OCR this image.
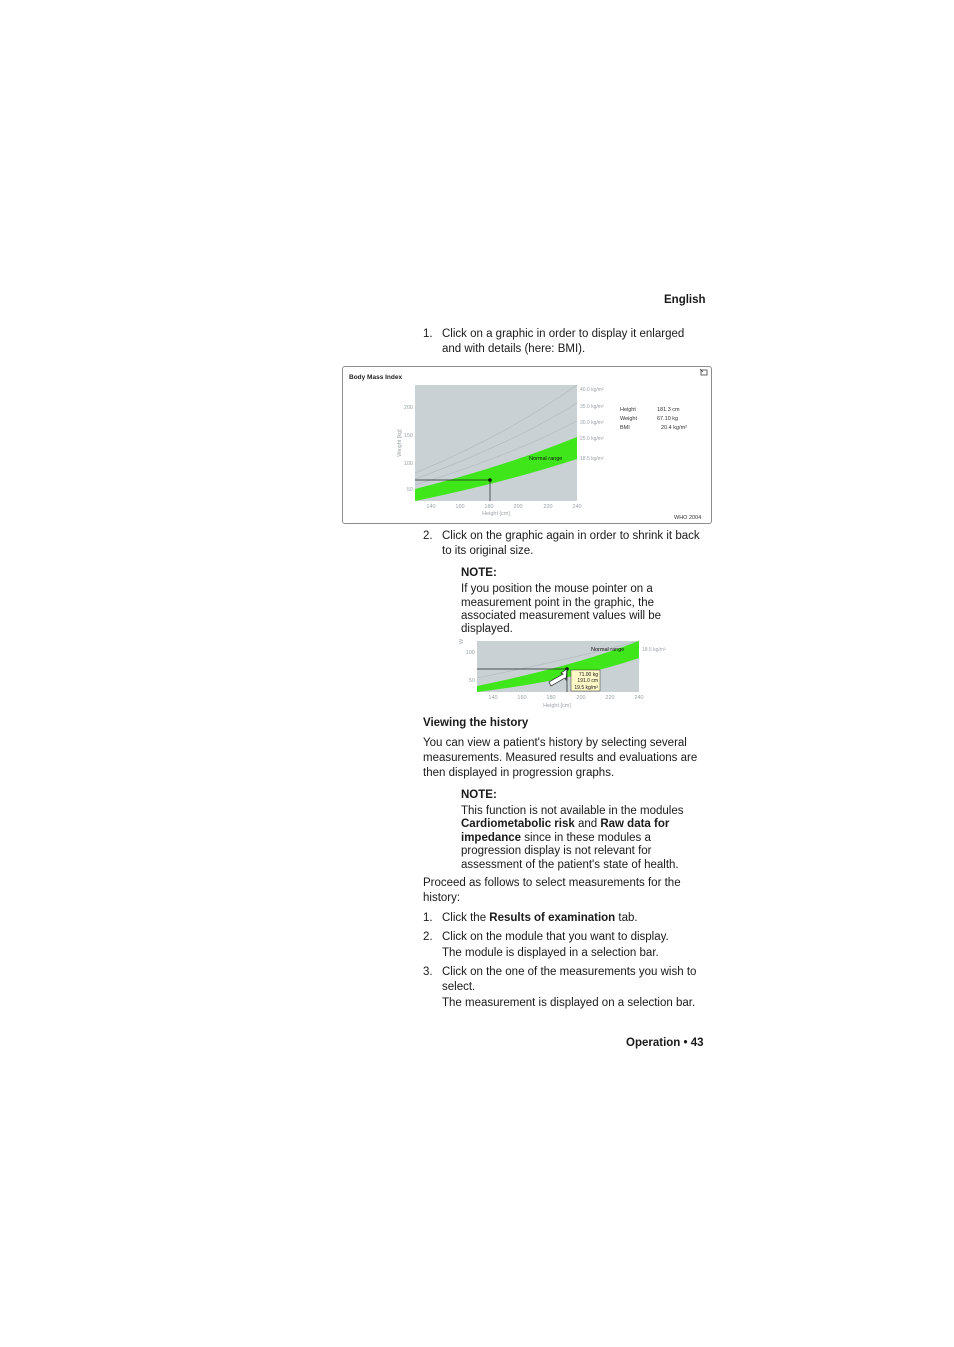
English
1. Click on a graphic in order to display it enlarged
and with details (here: BMI).
Body Mass Index
Normal range
200
150
100
50
Weight [kg]
140	160	180	200	220	240
Height [cm]
40.0 kg/m²
35.0 kg/m²
30.0 kg/m²
25.0 kg/m²
18.5 kg/m²
Height	181.3 cm
Weight	67.10 kg
BMI	20.4 kg/m²
WHO 2004
2. Click on the graphic again in order to shrink it back
to its original size.
NOTE:
If you position the mouse pointer on a
measurement point in the graphic, the
associated measurement values will be
displayed.
Normal range
W
100
50
140	160	180	200	220	240
Height [cm]
18.5 kg/m²
71.00 kg
191.0 cm
19.5 kg/m²
Viewing the history
You can view a patient's history by selecting several
measurements. Measured results and evaluations are
then displayed in progression graphs.
NOTE:
This function is not available in the modules
Cardiometabolic risk and Raw data for
impedance since in these modules a
progression display is not relevant for
assessment of the patient's state of health.
Proceed as follows to select measurements for the
history:
1. Click the Results of examination tab.
2. Click on the module that you want to display.
The module is displayed in a selection bar.
3. Click on the one of the measurements you wish to
select.
The measurement is displayed on a selection bar.
Operation • 43
